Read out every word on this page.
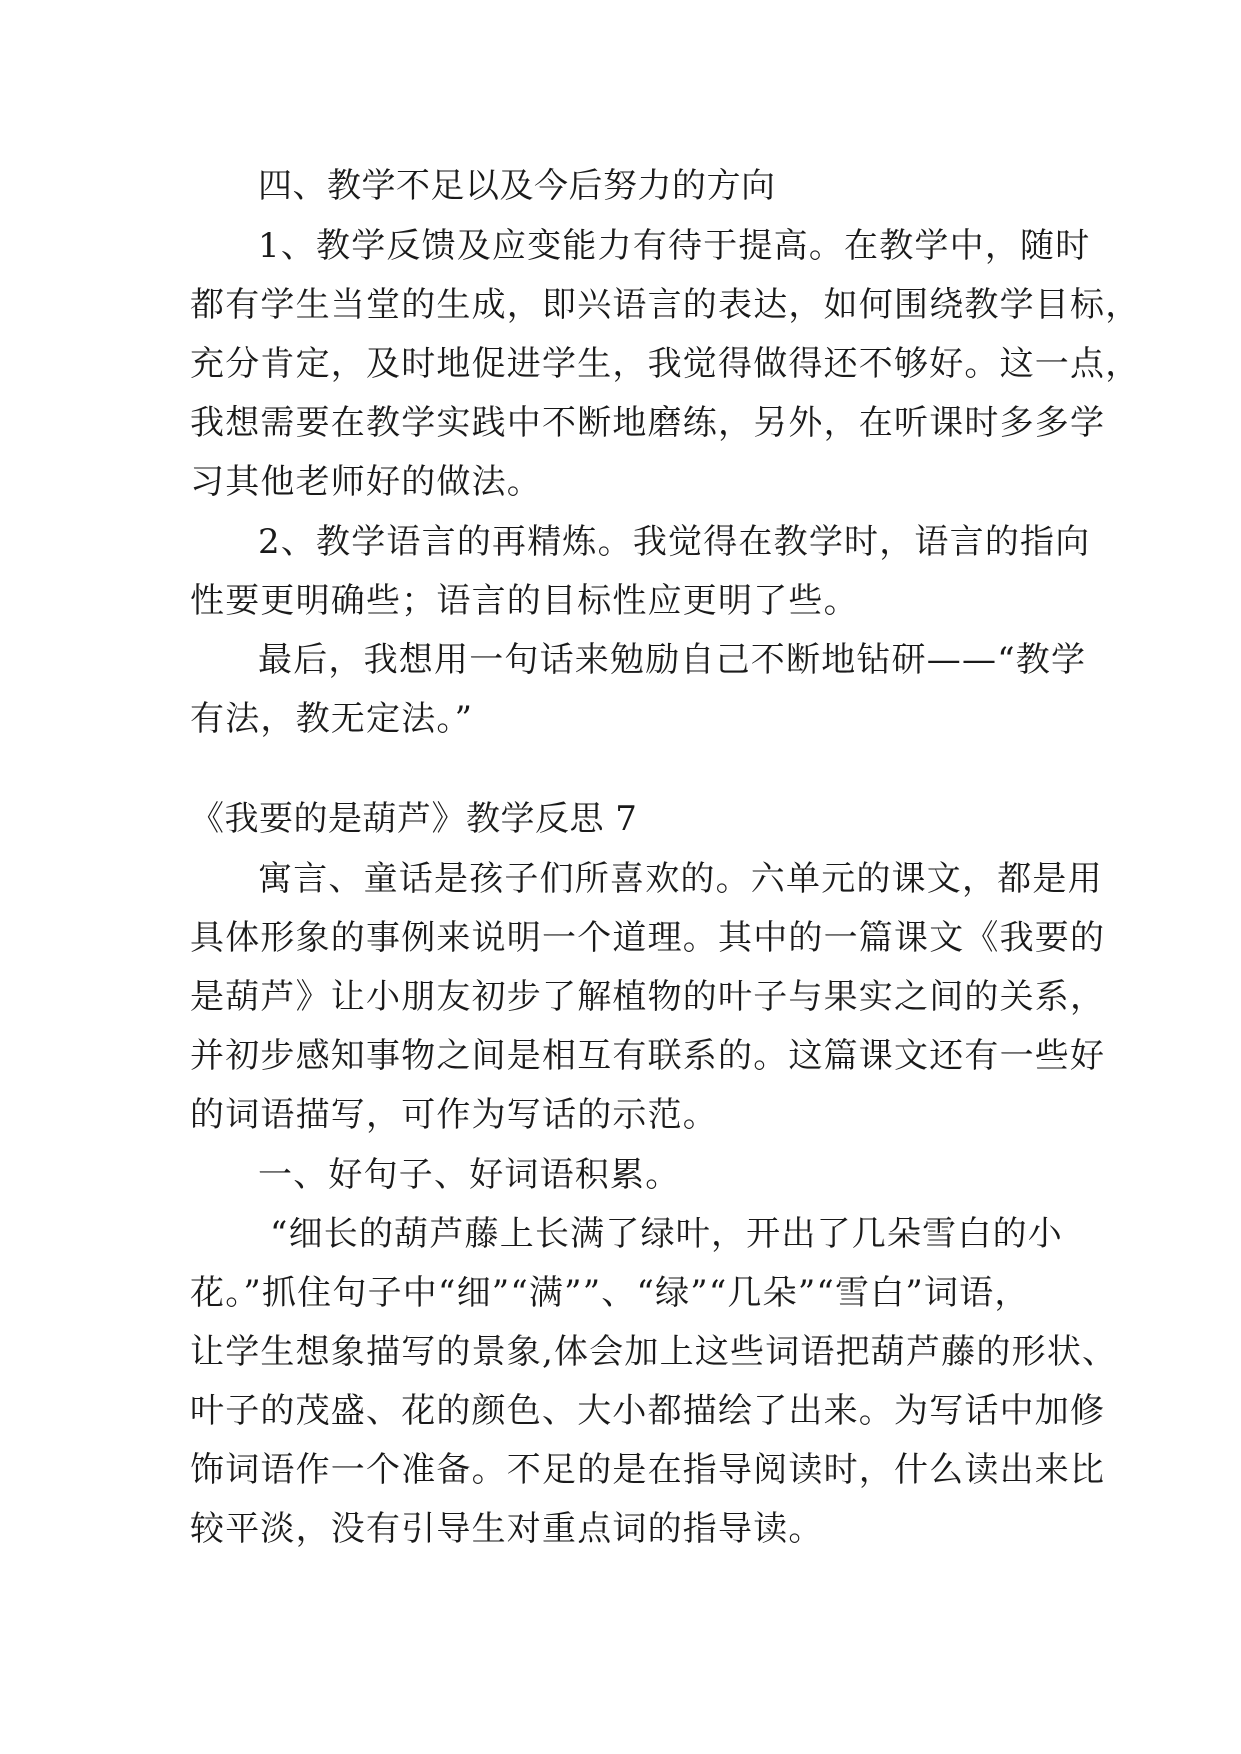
四、教学不足以及今后努力的方向
1、教学反馈及应变能力有待于提高。在教学中，随时
都有学生当堂的生成，即兴语言的表达，如何围绕教学目标，
充分肯定，及时地促进学生，我觉得做得还不够好。这一点，
我想需要在教学实践中不断地磨练，另外，在听课时多多学
习其他老师好的做法。
2、教学语言的再精炼。我觉得在教学时，语言的指向
性要更明确些；语言的目标性应更明了些。
最后，我想用一句话来勉励自己不断地钻研——“教学
有法，教无定法。”
《我要的是葫芦》教学反思 7
寓言、童话是孩子们所喜欢的。六单元的课文，都是用
具体形象的事例来说明一个道理。其中的一篇课文《我要的
是葫芦》让小朋友初步了解植物的叶子与果实之间的关系，
并初步感知事物之间是相互有联系的。这篇课文还有一些好
的词语描写，可作为写话的示范。
一、好句子、好词语积累。
“细长的葫芦藤上长满了绿叶，开出了几朵雪白的小
花。”抓住句子中“细”“满””、“绿”“几朵”“雪白”词语，
让学生想象描写的景象,体会加上这些词语把葫芦藤的形状、
叶子的茂盛、花的颜色、大小都描绘了出来。为写话中加修
饰词语作一个准备。不足的是在指导阅读时，什么读出来比
较平淡，没有引导生对重点词的指导读。
